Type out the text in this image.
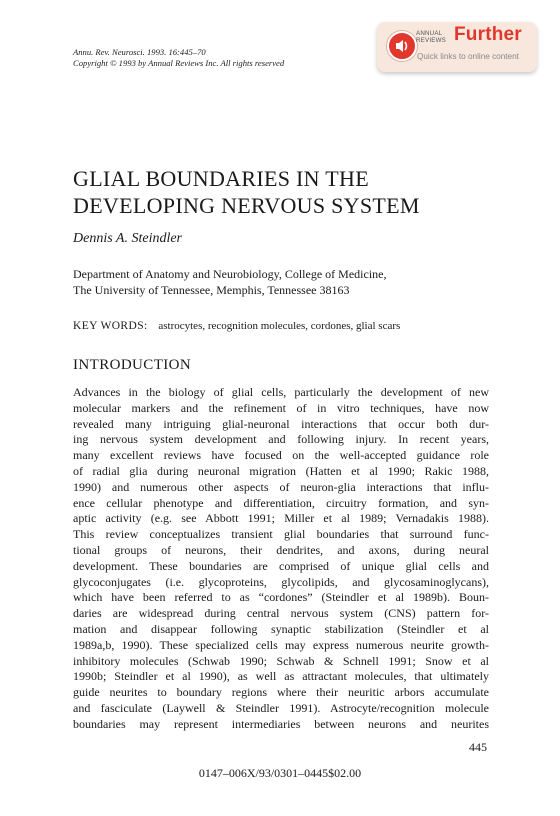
Annu. Rev. Neurosci. 1993. 16:445–70
Copyright © 1993 by Annual Reviews Inc. All rights reserved
ANNUAL
REVIEWS Further
Quick links to online content
GLIAL BOUNDARIES IN THE
DEVELOPING NERVOUS SYSTEM
Dennis A. Steindler
Department of Anatomy and Neurobiology, College of Medicine,
The University of Tennessee, Memphis, Tennessee 38163
KEY WORDS: astrocytes, recognition molecules, cordones, glial scars
INTRODUCTION
Advances in the biology of glial cells, particularly the development of new
molecular markers and the refinement of in vitro techniques, have now
revealed many intriguing glial-neuronal interactions that occur both dur-
ing nervous system development and following injury. In recent years,
many excellent reviews have focused on the well-accepted guidance role
of radial glia during neuronal migration (Hatten et al 1990; Rakic 1988,
1990) and numerous other aspects of neuron-glia interactions that influ-
ence cellular phenotype and differentiation, circuitry formation, and syn-
aptic activity (e.g. see Abbott 1991; Miller et al 1989; Vernadakis 1988).
This review conceptualizes transient glial boundaries that surround func-
tional groups of neurons, their dendrites, and axons, during neural
development. These boundaries are comprised of unique glial cells and
glycoconjugates (i.e. glycoproteins, glycolipids, and glycosaminoglycans),
which have been referred to as “cordones” (Steindler et al 1989b). Boun-
daries are widespread during central nervous system (CNS) pattern for-
mation and disappear following synaptic stabilization (Steindler et al
1989a,b, 1990). These specialized cells may express numerous neurite growth-
inhibitory molecules (Schwab 1990; Schwab & Schnell 1991; Snow et al
1990b; Steindler et al 1990), as well as attractant molecules, that ultimately
guide neurites to boundary regions where their neuritic arbors accumulate
and fasciculate (Laywell & Steindler 1991). Astrocyte/recognition molecule
boundaries may represent intermediaries between neurons and neurites
445
0147–006X/93/0301–0445$02.00
